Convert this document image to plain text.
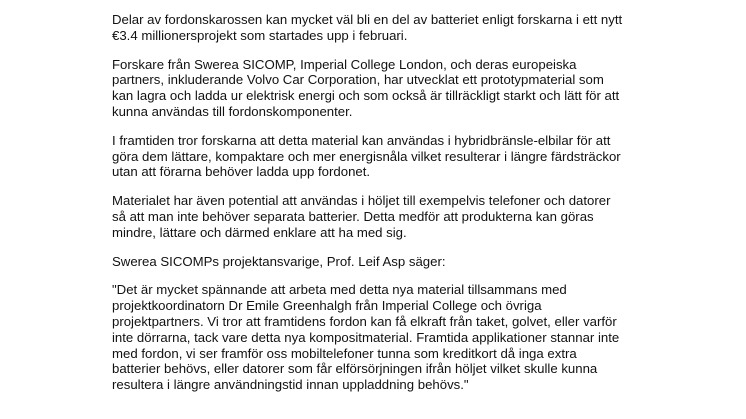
Delar av fordonskarossen kan mycket väl bli en del av batteriet enligt forskarna i ett nytt
€3.4 millionersprojekt som startades upp i februari.

Forskare från Swerea SICOMP, Imperial College London, och deras europeiska
partners, inkluderande Volvo Car Corporation, har utvecklat ett prototypmaterial som
kan lagra och ladda ur elektrisk energi och som också är tillräckligt starkt och lätt för att
kunna användas till fordonskomponenter.

I framtiden tror forskarna att detta material kan användas i hybridbränsle-elbilar för att
göra dem lättare, kompaktare och mer energisnåla vilket resulterar i längre färdsträckor
utan att förarna behöver ladda upp fordonet.

Materialet har även potential att användas i höljet till exempelvis telefoner och datorer
så att man inte behöver separata batterier. Detta medför att produkterna kan göras
mindre, lättare och därmed enklare att ha med sig.

Swerea SICOMPs projektansvarige, Prof. Leif Asp säger:

"Det är mycket spännande att arbeta med detta nya material tillsammans med
projektkoordinatorn Dr Emile Greenhalgh från Imperial College och övriga
projektpartners. Vi tror att framtidens fordon kan få elkraft från taket, golvet, eller varför
inte dörrarna, tack vare detta nya kompositmaterial. Framtida applikationer stannar inte
med fordon, vi ser framför oss mobiltelefoner tunna som kreditkort då inga extra
batterier behövs, eller datorer som får elförsörjningen ifrån höljet vilket skulle kunna
resultera i längre användningstid innan uppladdning behövs."
